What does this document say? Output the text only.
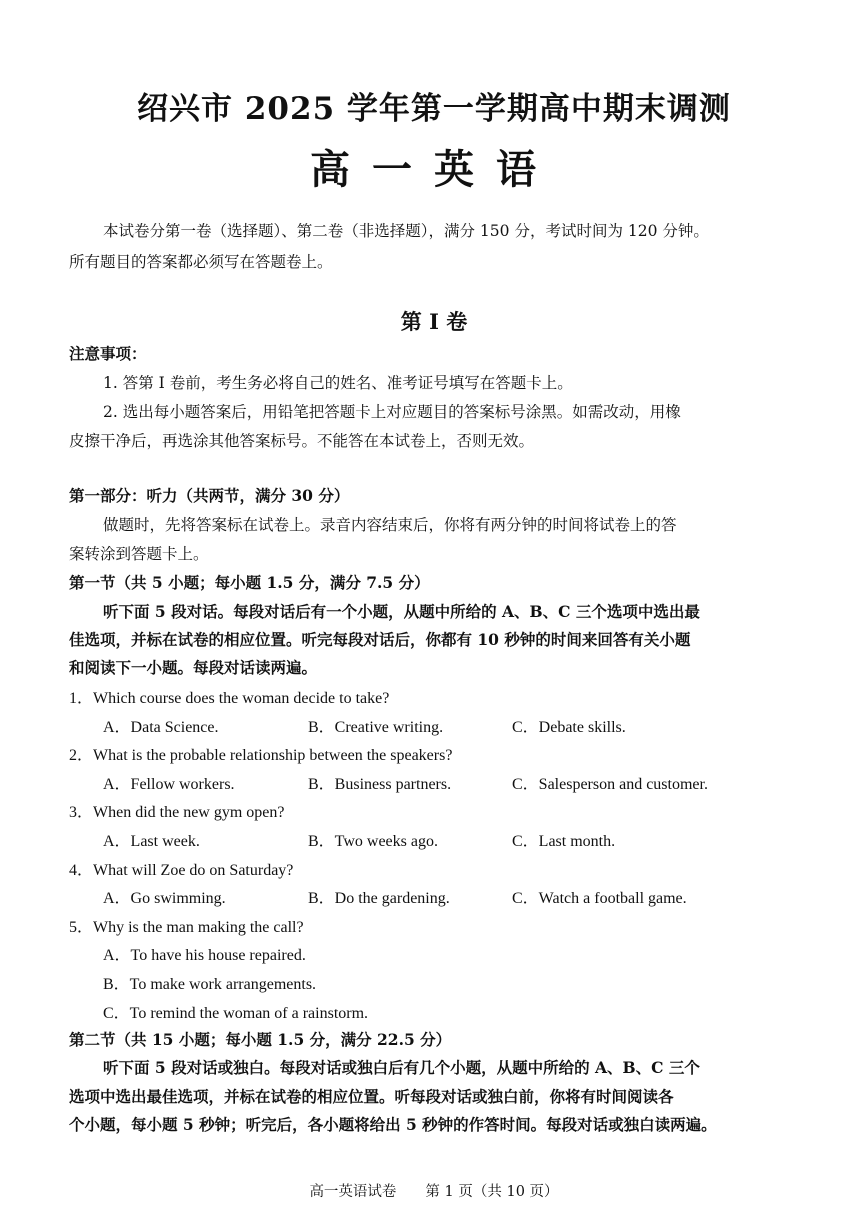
绍兴市 2025 学年第一学期高中期末调测
高一英语
本试卷分第一卷（选择题）、第二卷（非选择题），满分 150 分，考试时间为 120 分钟。
所有题目的答案都必须写在答题卷上。
第 I 卷
注意事项：
1. 答第 I 卷前，考生务必将自己的姓名、准考证号填写在答题卡上。
2. 选出每小题答案后，用铅笔把答题卡上对应题目的答案标号涂黑。如需改动，用橡
皮擦干净后，再选涂其他答案标号。不能答在本试卷上，否则无效。
第一部分：听力（共两节，满分 30 分）
做题时，先将答案标在试卷上。录音内容结束后，你将有两分钟的时间将试卷上的答
案转涂到答题卡上。
第一节（共 5 小题；每小题 1.5 分，满分 7.5 分）
听下面 5 段对话。每段对话后有一个小题，从题中所给的 A、B、C 三个选项中选出最
佳选项，并标在试卷的相应位置。听完每段对话后，你都有 10 秒钟的时间来回答有关小题
和阅读下一小题。每段对话读两遍。
1．Which course does the woman decide to take?
A．Data Science.	B．Creative writing.	C．Debate skills.
2．What is the probable relationship between the speakers?
A．Fellow workers.	B．Business partners.	C．Salesperson and customer.
3．When did the new gym open?
A．Last week.	B．Two weeks ago.	C．Last month.
4．What will Zoe do on Saturday?
A．Go swimming.	B．Do the gardening.	C．Watch a football game.
5．Why is the man making the call?
A．To have his house repaired.
B．To make work arrangements.
C．To remind the woman of a rainstorm.
第二节（共 15 小题；每小题 1.5 分，满分 22.5 分）
听下面 5 段对话或独白。每段对话或独白后有几个小题，从题中所给的 A、B、C 三个
选项中选出最佳选项，并标在试卷的相应位置。听每段对话或独白前，你将有时间阅读各
个小题，每小题 5 秒钟；听完后，各小题将给出 5 秒钟的作答时间。每段对话或独白读两遍。
高一英语试卷　　第 1 页（共 10 页）
